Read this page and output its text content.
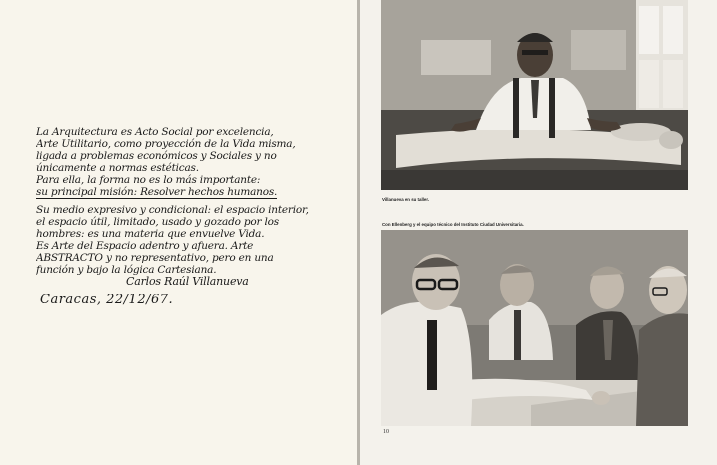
La Arquitectura es Acto Social por excelencia,
Arte Utilitario, como proyección de la Vida misma,
ligada a problemas económicos y Sociales y no
únicamente a normas estéticas.
Para ella, la forma no es lo más importante:
su principal misión: Resolver hechos humanos.
Su medio expresivo y condicional: el espacio interior,
el espacio útil, limitado, usado y gozado por los
hombres: es una materia que envuelve Vida.
Es Arte del Espacio adentro y afuera. Arte
ABSTRACTO y no representativo, pero en una
función y bajo la lógica Cartesiana.
Carlos Raúl Villanueva
Caracas, 22/12/67.
Villanueva en su taller.
Con Ellenberg y el equipo técnico del Instituto Ciudad Universitaria.
10
